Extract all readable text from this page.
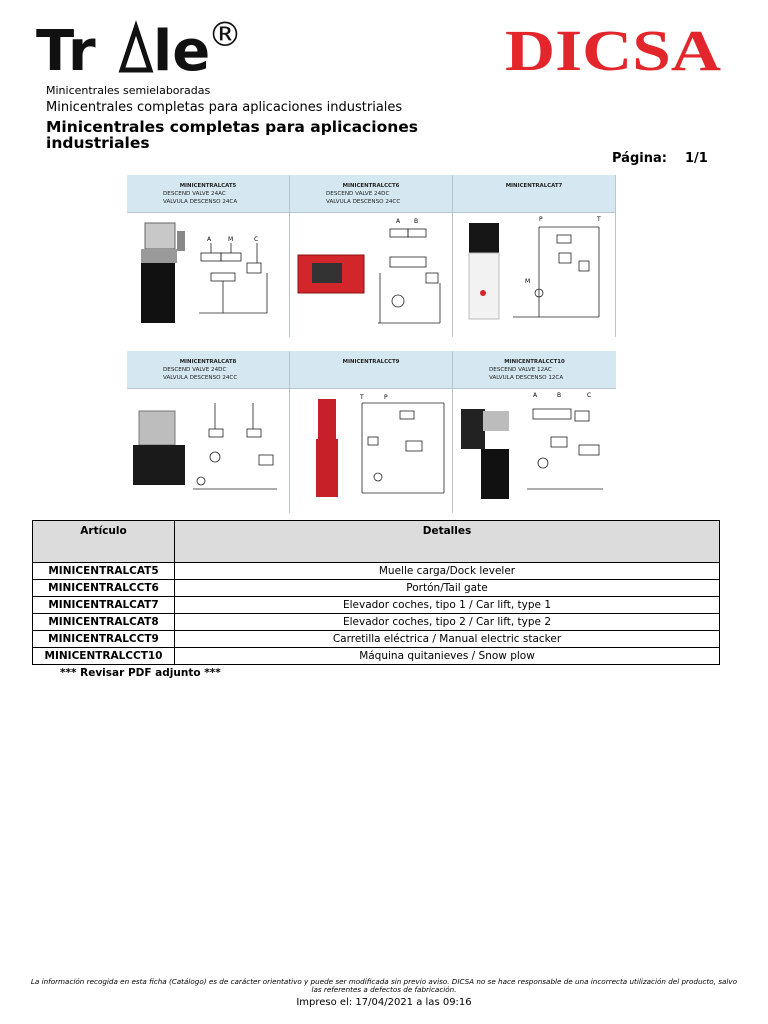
Tr le
®	DICSA
Minicentrales semielaboradas
Minicentrales completas para aplicaciones industriales
Minicentrales completas para aplicaciones industriales
Página: 1/1
MINICENTRALCAT5
DESCEND VALVE 24AC
VALVULA DESCENSO 24CA
A	M	C
MINICENTRALCCT6
DESCEND VALVE 24DC
VALVULA DESCENSO 24CC
A B
MINICENTRALCAT7
P	T
M
MINICENTRALCAT8
DESCEND VALVE 24DC
VALVULA DESCENSO 24CC
MINICENTRALCCT9
T	P
MINICENTRALCCT10
DESCEND VALVE 12AC
VALVULA DESCENSO 12CA
A	B	C
Artículo	Detalles
MINICENTRALCAT5	Muelle carga/Dock leveler
MINICENTRALCCT6	Portón/Tail gate
MINICENTRALCAT7	Elevador coches, tipo 1 / Car lift, type 1
MINICENTRALCAT8	Elevador coches, tipo 2 / Car lift, type 2
MINICENTRALCCT9	Carretilla eléctrica / Manual electric stacker
MINICENTRALCCT10	Máquina quitanieves / Snow plow
*** Revisar PDF adjunto ***
La información recogida en esta ficha (Catálogo) es de carácter orientativo y puede ser modificada sin previo aviso. DICSA no se hace responsable de una incorrecta utilización del producto, salvo las referentes a defectos de fabricación.
Impreso el: 17/04/2021 a las 09:16
